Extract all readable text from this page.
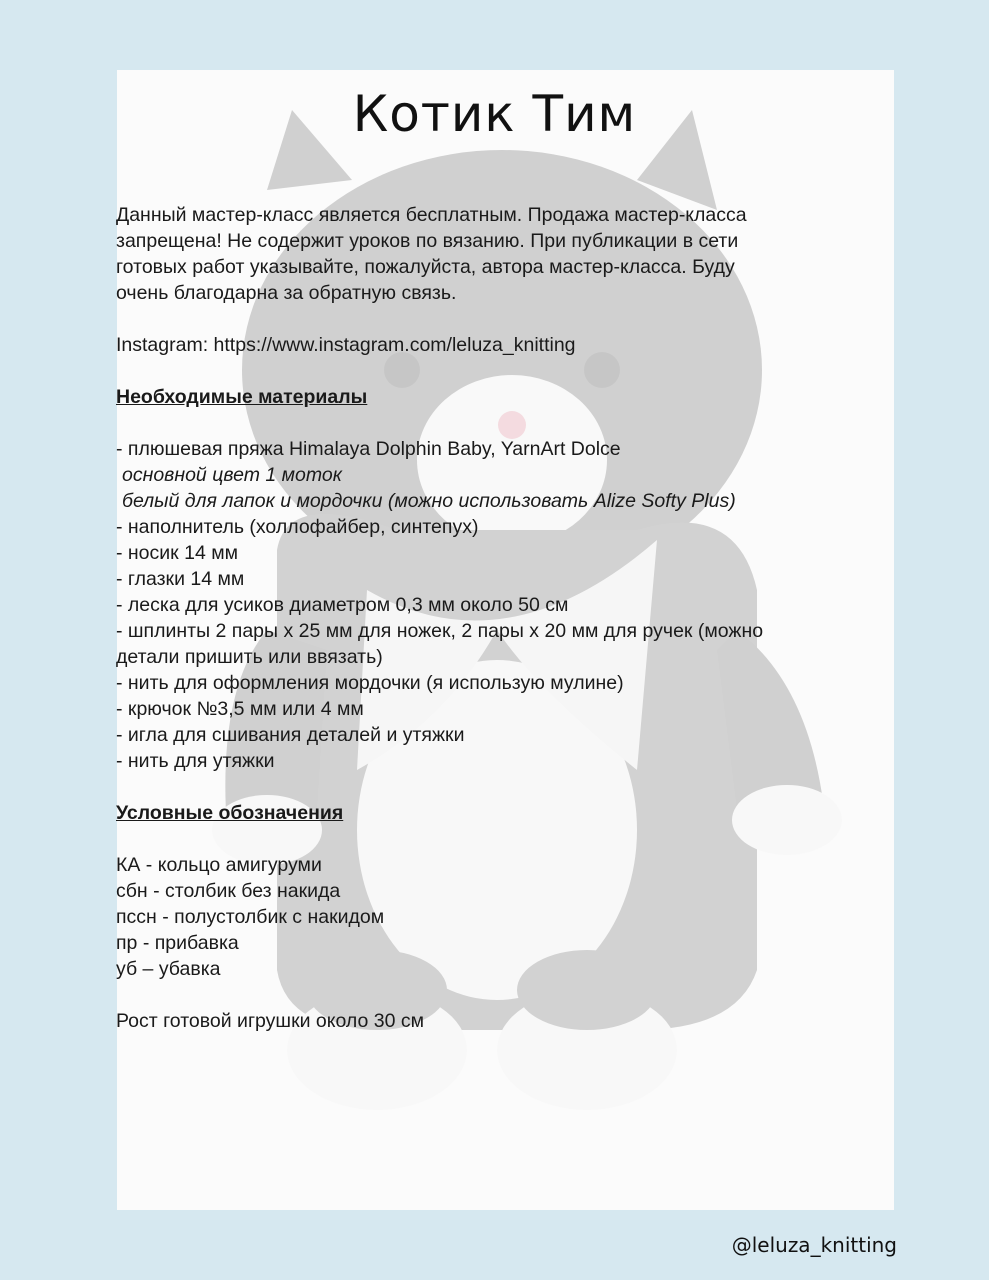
Котик Тим

Данный мастер-класс является бесплатным. Продажа мастер-класса

запрещена! Не содержит уроков по вязанию. При публикации в сети

готовых работ указывайте, пожалуйста, автора мастер-класса. Буду

очень благодарна за обратную связь.

Instagram: https://www.instagram.com/leluza_knitting

Необходимые материалы

- плюшевая пряжа Himalaya Dolphin Baby, YarnArt Dolce

основной цвет 1 моток

белый для лапок и мордочки (можно использовать Alize Softy Plus)

- наполнитель (холлофайбер, синтепух)

- носик 14 мм

- глазки 14 мм

- леска для усиков диаметром 0,3 мм около 50 см

- шплинты 2 пары х 25 мм для ножек, 2 пары х 20 мм для ручек (можно

детали пришить или ввязать)

- нить для оформления мордочки (я использую мулине)

- крючок №3,5 мм или 4 мм

- игла для сшивания деталей и утяжки

- нить для утяжки

Условные обозначения

КА - кольцо амигуруми

сбн - столбик без накида

пссн - полустолбик с накидом

пр - прибавка

уб – убавка

Рост готовой игрушки около 30 см

@leluza_knitting
